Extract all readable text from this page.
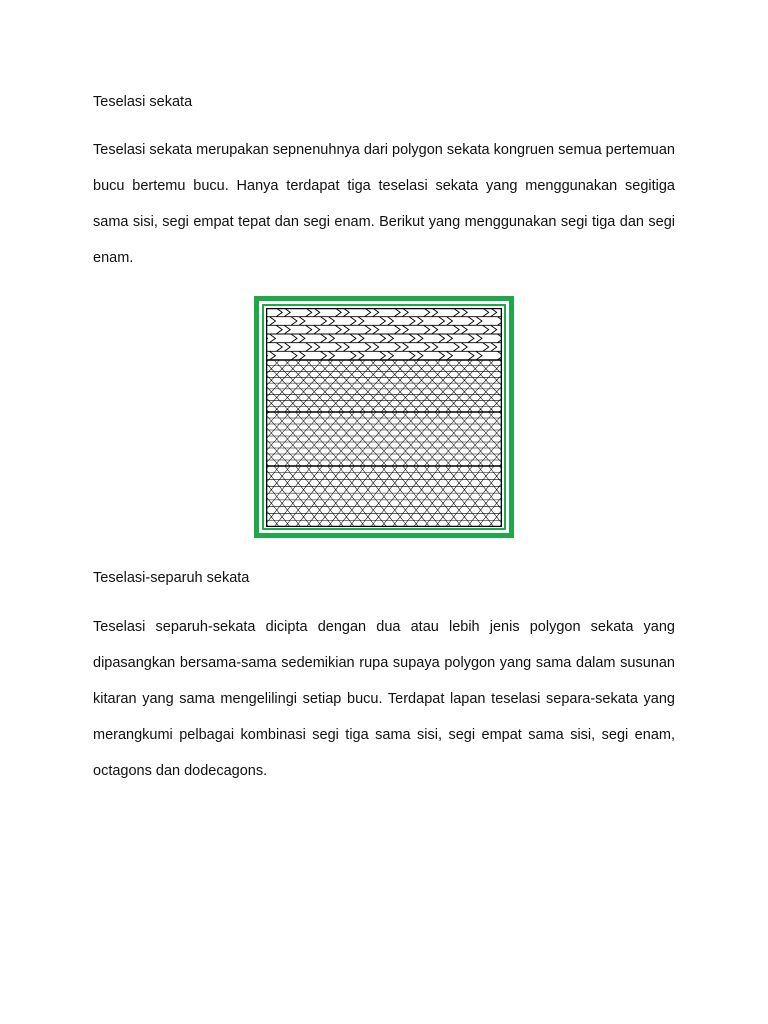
Teselasi sekata

Teselasi sekata merupakan sepnenuhnya dari polygon sekata kongruen semua pertemuan bucu bertemu bucu. Hanya terdapat tiga teselasi sekata yang menggunakan segitiga sama sisi, segi empat tepat dan segi enam. Berikut yang menggunakan segi tiga dan segi enam.

Teselasi-separuh sekata

Teselasi separuh-sekata dicipta dengan dua atau lebih jenis polygon sekata yang dipasangkan bersama-sama sedemikian rupa supaya polygon yang sama dalam susunan kitaran yang sama mengelilingi setiap bucu. Terdapat lapan teselasi separa-sekata yang merangkumi pelbagai kombinasi segi tiga sama sisi, segi empat sama sisi, segi enam, octagons dan dodecagons.
